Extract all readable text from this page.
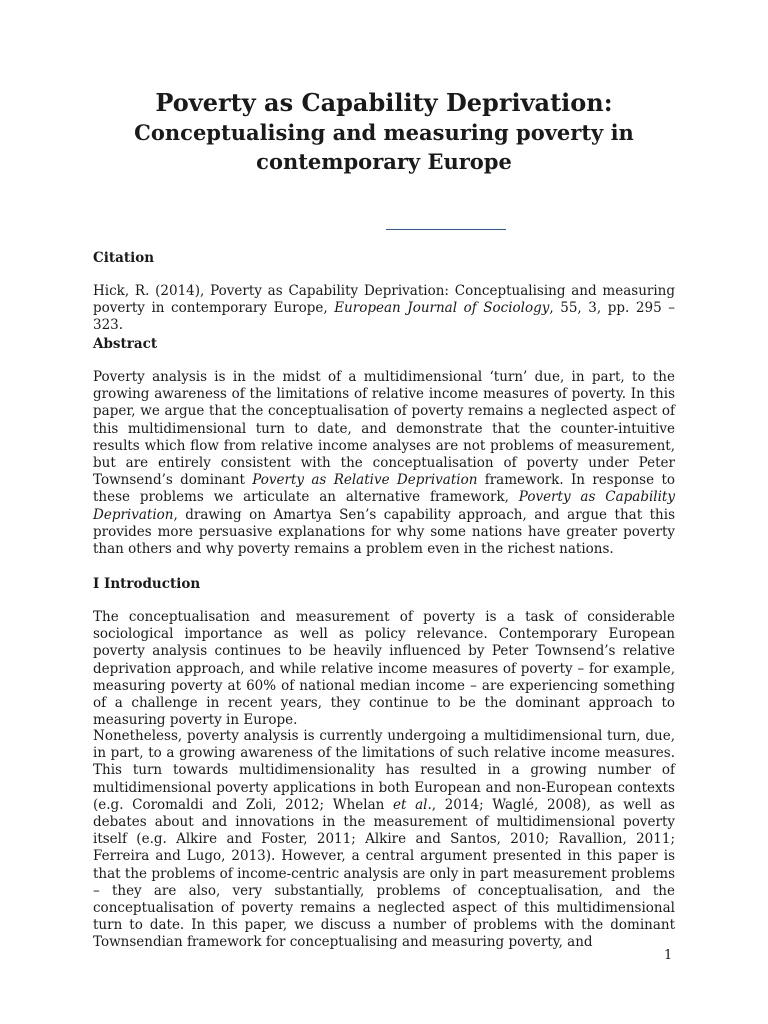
Poverty as Capability Deprivation:
Conceptualising and measuring poverty in
contemporary Europe
Citation
Hick, R. (2014), Poverty as Capability Deprivation: Conceptualising and measuring poverty in contemporary Europe, European Journal of Sociology, 55, 3, pp. 295 – 323.
Abstract
Poverty analysis is in the midst of a multidimensional ‘turn’ due, in part, to the growing awareness of the limitations of relative income measures of poverty. In this paper, we argue that the conceptualisation of poverty remains a neglected aspect of this multidimensional turn to date, and demonstrate that the counter-intuitive results which flow from relative income analyses are not problems of measurement, but are entirely consistent with the conceptualisation of poverty under Peter Townsend’s dominant Poverty as Relative Deprivation framework. In response to these problems we articulate an alternative framework, Poverty as Capability Deprivation, drawing on Amartya Sen’s capability approach, and argue that this provides more persuasive explanations for why some nations have greater poverty than others and why poverty remains a problem even in the richest nations.
I Introduction
The conceptualisation and measurement of poverty is a task of considerable sociological importance as well as policy relevance. Contemporary European poverty analysis continues to be heavily influenced by Peter Townsend’s relative deprivation approach, and while relative income measures of poverty – for example, measuring poverty at 60% of national median income – are experiencing something of a challenge in recent years, they continue to be the dominant approach to measuring poverty in Europe.
Nonetheless, poverty analysis is currently undergoing a multidimensional turn, due, in part, to a growing awareness of the limitations of such relative income measures. This turn towards multidimensionality has resulted in a growing number of multidimensional poverty applications in both European and non-European contexts (e.g. Coromaldi and Zoli, 2012; Whelan et al., 2014; Waglé, 2008), as well as debates about and innovations in the measurement of multidimensional poverty itself (e.g. Alkire and Foster, 2011; Alkire and Santos, 2010; Ravallion, 2011; Ferreira and Lugo, 2013). However, a central argument presented in this paper is that the problems of income-centric analysis are only in part measurement problems – they are also, very substantially, problems of conceptualisation, and the conceptualisation of poverty remains a neglected aspect of this multidimensional turn to date. In this paper, we discuss a number of problems with the dominant Townsendian framework for conceptualising and measuring poverty, and
1
